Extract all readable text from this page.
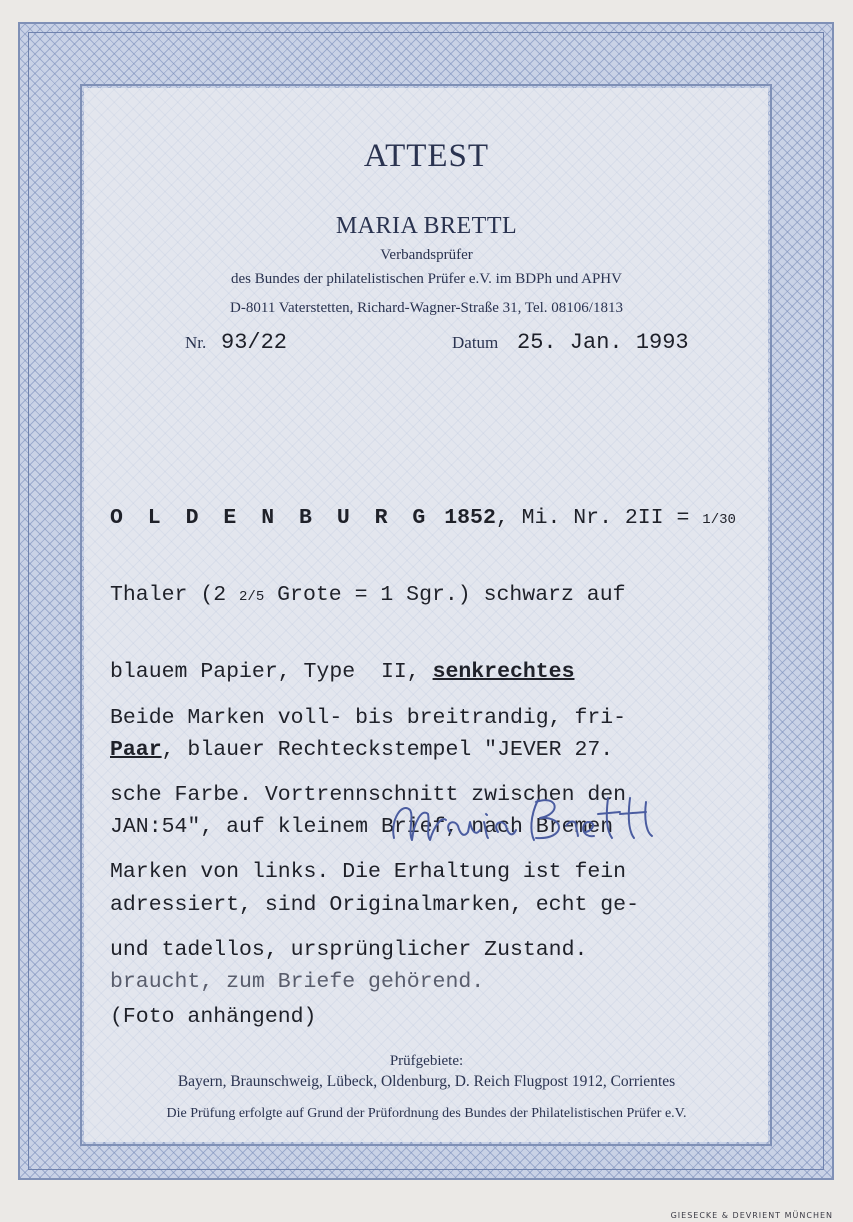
ATTEST
MARIA BRETTL
Verbandsprüfer
des Bundes der philatelistischen Prüfer e.V. im BDPh und APHV
D-8011 Vaterstetten, Richard-Wagner-Straße 31, Tel. 08106/1813
Nr. 93/22	Datum 25. Jan. 1993

O L D E N B U R G 1852, Mi. Nr. 2II = 1/30

Thaler (2 2/5 Grote = 1 Sgr.) schwarz auf

blauem Papier, Type  II, senkrechtes

Paar, blauer Rechteckstempel "JEVER 27.

JAN:54", auf kleinem Brief, nach Bremen

adressiert, sind Originalmarken, echt ge-

braucht, zum Briefe gehörend.

Beide Marken voll- bis breitrandig, fri-

sche Farbe. Vortrennschnitt zwischen den

Marken von links. Die Erhaltung ist fein

und tadellos, ursprünglicher Zustand.

(Foto anhängend)
Prüfgebiete:
Bayern, Braunschweig, Lübeck, Oldenburg, D. Reich Flugpost 1912, Corrientes
Die Prüfung erfolgte auf Grund der Prüfordnung des Bundes der Philatelistischen Prüfer e.V.
GIESECKE & DEVRIENT MÜNCHEN
